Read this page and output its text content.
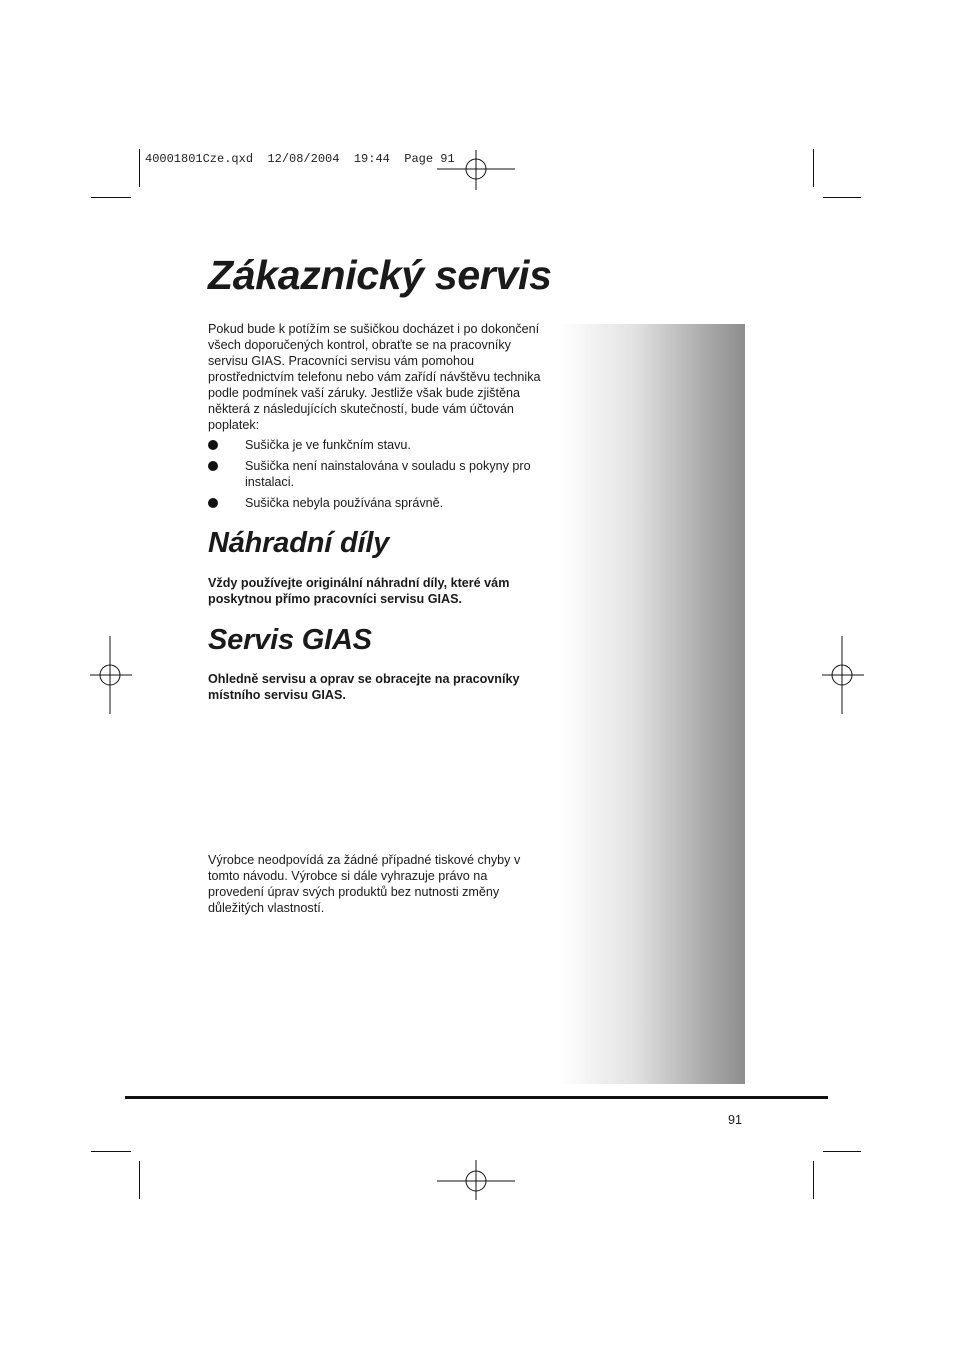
40001801Cze.qxd  12/08/2004  19:44  Page 91
Zákaznický servis

Pokud bude k potížím se sušičkou docházet i po dokončení
všech doporučených kontrol, obraťte se na pracovníky
servisu GIAS. Pracovníci servisu vám pomohou
prostřednictvím telefonu nebo vám zařídí návštěvu technika
podle podmínek vaší záruky. Jestliže však bude zjištěna
některá z následujících skutečností, bude vám účtován
poplatek:

Sušička je ve funkčním stavu.
Sušička není nainstalována v souladu s pokyny pro
instalaci.
Sušička nebyla používána správně.
Náhradní díly

Vždy používejte originální náhradní díly, které vám
poskytnou přímo pracovníci servisu GIAS.

Servis GIAS

Ohledně servisu a oprav se obracejte na pracovníky
místního servisu GIAS.

Výrobce neodpovídá za žádné případné tiskové chyby v
tomto návodu. Výrobce si dále vyhrazuje právo na
provedení úprav svých produktů bez nutnosti změny
důležitých vlastností.

91
